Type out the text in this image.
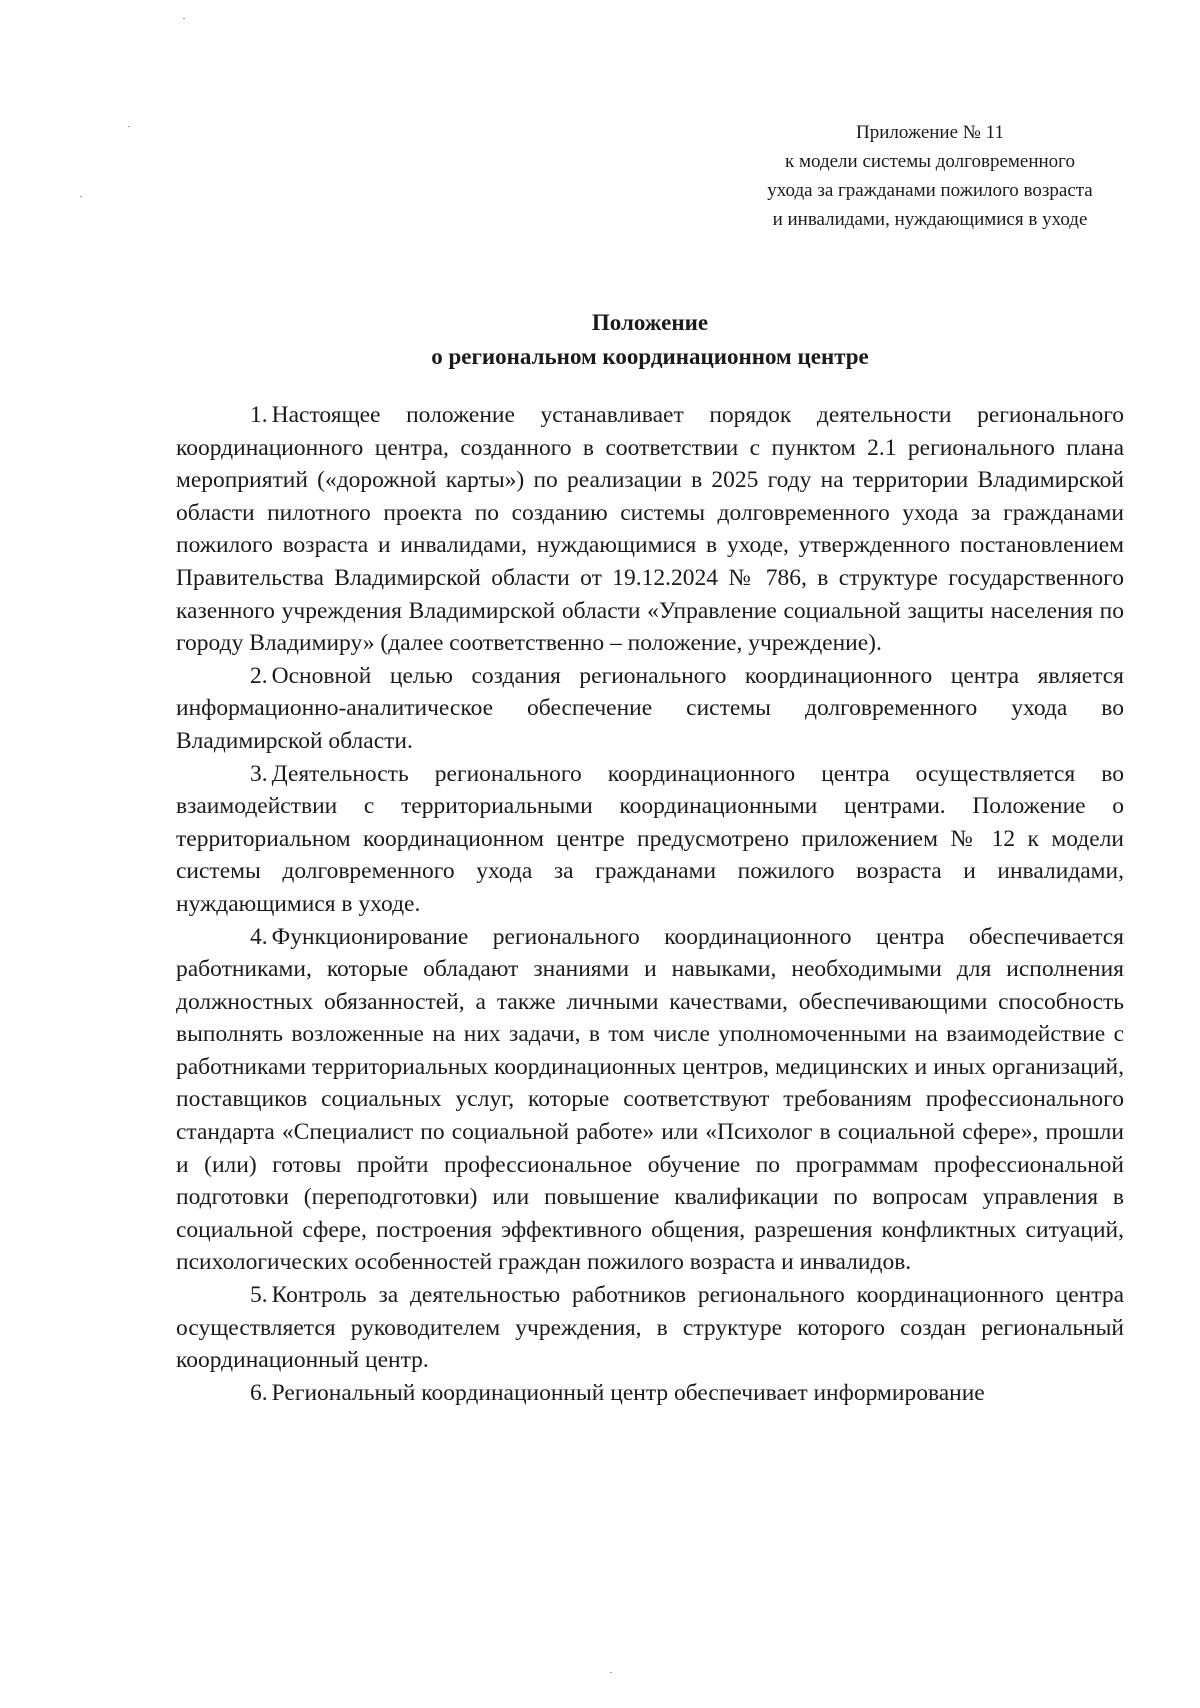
Приложение № 11
к модели системы долговременного
ухода за гражданами пожилого возраста
и инвалидами, нуждающимися в уходе
Положение
о региональном координационном центре

1. Настоящее положение устанавливает порядок деятельности регионального координационного центра, созданного в соответствии с пунктом 2.1 регионального плана мероприятий («дорожной карты») по реализации в 2025 году на территории Владимирской области пилотного проекта по созданию системы долговременного ухода за гражданами пожилого возраста и инвалидами, нуждающимися в уходе, утвержденного постановлением Правительства Владимирской области от 19.12.2024 № 786, в структуре государственного казенного учреждения Владимирской области «Управление социальной защиты населения по городу Владимиру» (далее соответственно – положение, учреждение).

2. Основной целью создания регионального координационного центра является информационно-аналитическое обеспечение системы долговременного ухода во Владимирской области.

3. Деятельность регионального координационного центра осуществляется во взаимодействии с территориальными координационными центрами. Положение о территориальном координационном центре предусмотрено приложением № 12 к модели системы долговременного ухода за гражданами пожилого возраста и инвалидами, нуждающимися в уходе.

4. Функционирование регионального координационного центра обеспечивается работниками, которые обладают знаниями и навыками, необходимыми для исполнения должностных обязанностей, а также личными качествами, обеспечивающими способность выполнять возложенные на них задачи, в том числе уполномоченными на взаимодействие с работниками территориальных координационных центров, медицинских и иных организаций, поставщиков социальных услуг, которые соответствуют требованиям профессионального стандарта «Специалист по социальной работе» или «Психолог в социальной сфере», прошли и (или) готовы пройти профессиональное обучение по программам профессиональной подготовки (переподготовки) или повышение квалификации по вопросам управления в социальной сфере, построения эффективного общения, разрешения конфликтных ситуаций, психологических особенностей граждан пожилого возраста и инвалидов.

5. Контроль за деятельностью работников регионального координационного центра осуществляется руководителем учреждения, в структуре которого создан региональный координационный центр.

6. Региональный координационный центр обеспечивает информирование
